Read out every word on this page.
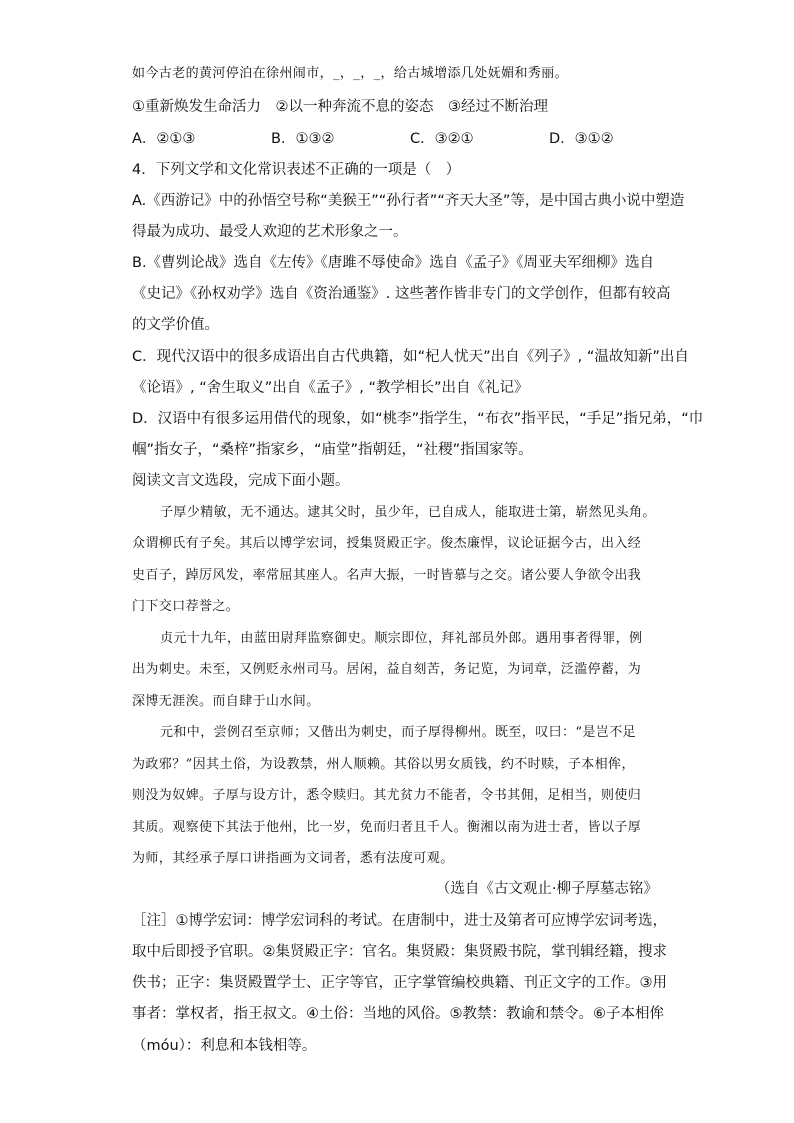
如今古老的黄河停泊在徐州闹市，_，_，_，给古城增添几处妩媚和秀丽。
①重新焕发生命活力　②以一种奔流不息的姿态　③经过不断治理
A．②①③	B．①③②	C．③②①	D．③①②
4．下列文学和文化常识表述不正确的一项是（　）
A.《西游记》中的孙悟空号称“美猴王”“孙行者”“齐天大圣”等，是中国古典小说中塑造
得最为成功、最受人欢迎的艺术形象之一。
B.《曹刿论战》选自《左传》《唐雎不辱使命》选自《孟子》《周亚夫军细柳》选自
《史记》《孙权劝学》选自《资治通鉴》. 这些著作皆非专门的文学创作，但都有较高
的文学价值。
C．现代汉语中的很多成语出自古代典籍，如“杞人忧天”出自《列子》, “温故知新”出自
《论语》, “舍生取义”出自《孟子》, “教学相长”出自《礼记》
D．汉语中有很多运用借代的现象，如“桃李”指学生，“布衣”指平民，“手足”指兄弟，“巾
帼”指女子，“桑梓”指家乡，“庙堂”指朝廷，“社稷”指国家等。
阅读文言文选段，完成下面小题。
子厚少精敏，无不通达。逮其父时，虽少年，已自成人，能取进士第，崭然见头角。
众谓柳氏有子矣。其后以博学宏词，授集贤殿正字。俊杰廉悍，议论证据今古，出入经
史百子，踔厉风发，率常屈其座人。名声大振，一时皆慕与之交。诸公要人争欲令出我
门下交口荐誉之。
贞元十九年，由蓝田尉拜监察御史。顺宗即位，拜礼部员外郎。遇用事者得罪，例
出为刺史。未至，又例贬永州司马。居闲，益自刻苦，务记览，为词章，泛滥停蓄，为
深博无涯涘。而自肆于山水间。
元和中，尝例召至京师；又偕出为刺史，而子厚得柳州。既至，叹曰：“是岂不足
为政邪？”因其土俗，为设教禁，州人顺赖。其俗以男女质钱，约不时赎，子本相侔，
则没为奴婢。子厚与设方计，悉令赎归。其尤贫力不能者，令书其佣，足相当，则使归
其质。观察使下其法于他州，比一岁，免而归者且千人。衡湘以南为进士者，皆以子厚
为师，其经承子厚口讲指画为文词者，悉有法度可观。
（选自《古文观止·柳子厚墓志铭》
［注］①博学宏词：博学宏词科的考试。在唐制中，进士及第者可应博学宏词考选，
取中后即授予官职。②集贤殿正字：官名。集贤殿：集贤殿书院，掌刊辑经籍，搜求
佚书；正字：集贤殿置学士、正字等官，正字掌管编校典籍、刊正文字的工作。③用
事者：掌权者，指王叔文。④土俗：当地的风俗。⑤教禁：教谕和禁令。⑥子本相侔
（móu）：利息和本钱相等。
